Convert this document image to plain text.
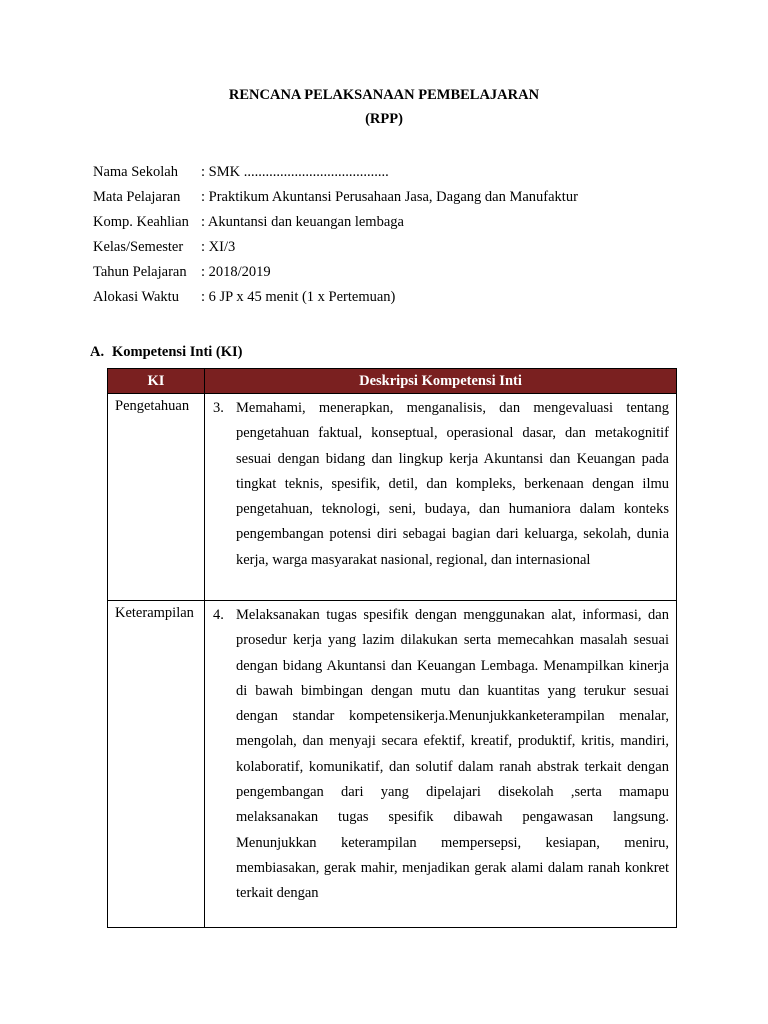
RENCANA PELAKSANAAN PEMBELAJARAN
(RPP)
Nama Sekolah	: SMK ........................................
Mata Pelajaran	: Praktikum Akuntansi Perusahaan Jasa, Dagang dan Manufaktur
Komp. Keahlian	: Akuntansi dan keuangan lembaga
Kelas/Semester	: XI/3
Tahun Pelajaran	: 2018/2019
Alokasi Waktu	: 6 JP x 45 menit (1 x Pertemuan)
A. Kompetensi Inti (KI)
KI	Deskripsi Kompetensi Inti
Pengetahuan	3. Memahami, menerapkan, menganalisis, dan mengevaluasi tentang pengetahuan faktual, konseptual, operasional dasar, dan metakognitif sesuai dengan bidang dan lingkup kerja Akuntansi dan Keuangan pada tingkat teknis, spesifik, detil, dan kompleks, berkenaan dengan ilmu pengetahuan, teknologi, seni, budaya, dan humaniora dalam konteks pengembangan potensi diri sebagai bagian dari keluarga, sekolah, dunia kerja, warga masyarakat nasional, regional, dan internasional

Keterampilan	4. Melaksanakan tugas spesifik dengan menggunakan alat, informasi, dan prosedur kerja yang lazim dilakukan serta memecahkan masalah sesuai dengan bidang Akuntansi dan Keuangan Lembaga. Menampilkan kinerja di bawah bimbingan dengan mutu dan kuantitas yang terukur sesuai dengan standar kompetensikerja.Menunjukkanketerampilan menalar, mengolah, dan menyaji secara efektif, kreatif, produktif, kritis, mandiri, kolaboratif, komunikatif, dan solutif dalam ranah abstrak terkait dengan pengembangan dari yang dipelajari disekolah ,serta mamapu melaksanakan tugas spesifik dibawah pengawasan langsung. Menunjukkan keterampilan mempersepsi, kesiapan, meniru, membiasakan, gerak mahir, menjadikan gerak alami dalam ranah konkret terkait dengan
